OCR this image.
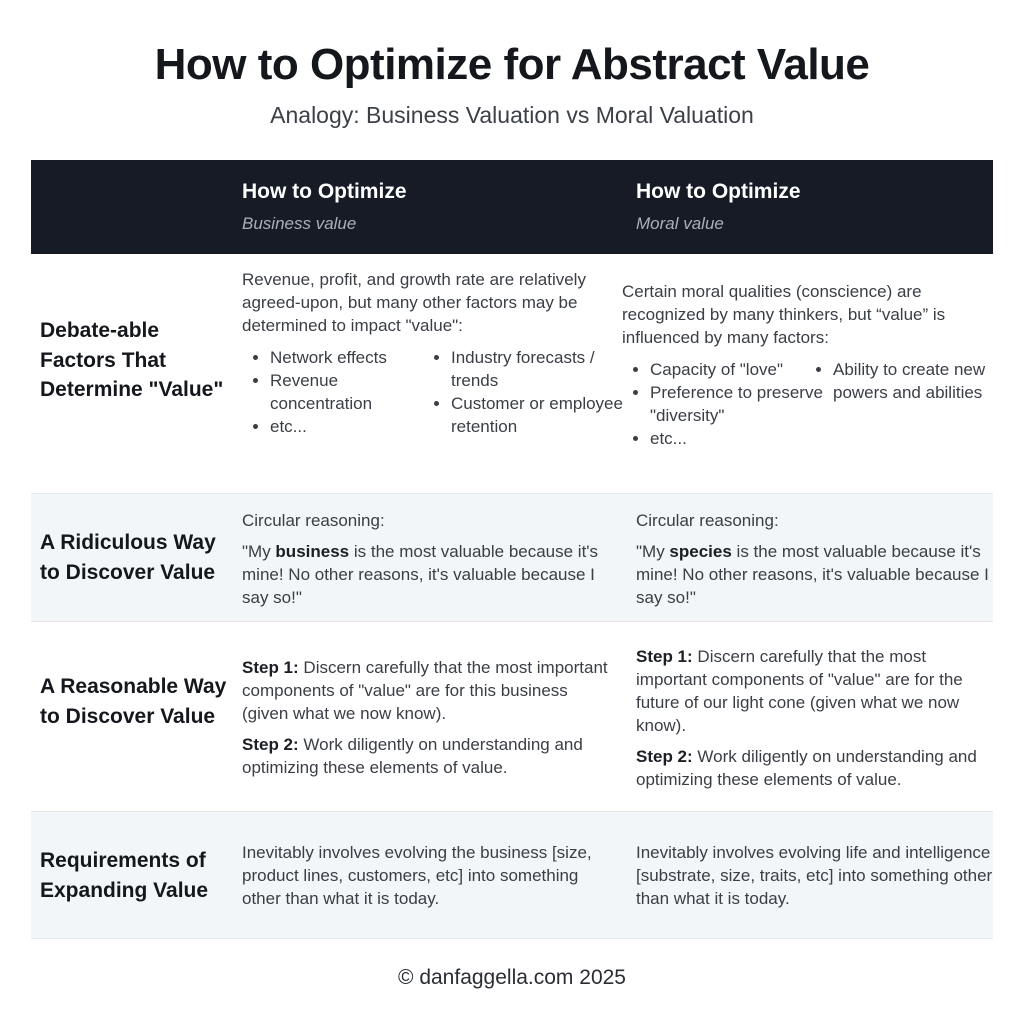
How to Optimize for Abstract Value

Analogy: Business Valuation vs Moral Valuation

How to Optimize

Business value

How to Optimize

Moral value
Debate-able Factors That Determine "Value"

Revenue, profit, and growth rate are relatively agreed-upon, but many other factors may be determined to impact "value":

• Network effects
• Revenue concentration
• etc...
• Industry forecasts / trends
• Customer or employee retention

Certain moral qualities (conscience) are recognized by many thinkers, but “value” is influenced by many factors:

• Capacity of "love"
• Preference to preserve "diversity"
• etc...
• Ability to create new powers and abilities
A Ridiculous Way to Discover Value

Circular reasoning:

"My business is the most valuable because it's mine! No other reasons, it's valuable because I say so!"

Circular reasoning:

"My species is the most valuable because it's mine! No other reasons, it's valuable because I say so!"

A Reasonable Way to Discover Value

Step 1: Discern carefully that the most important components of "value" are for this business (given what we now know).

Step 2: Work diligently on understanding and optimizing these elements of value.

Step 1: Discern carefully that the most important components of "value" are for the future of our light cone (given what we now know).

Step 2: Work diligently on understanding and optimizing these elements of value.

Requirements of Expanding Value

Inevitably involves evolving the business [size, product lines, customers, etc] into something other than what it is today.

Inevitably involves evolving life and intelligence [substrate, size, traits, etc] into something other than what it is today.

© danfaggella.com 2025
